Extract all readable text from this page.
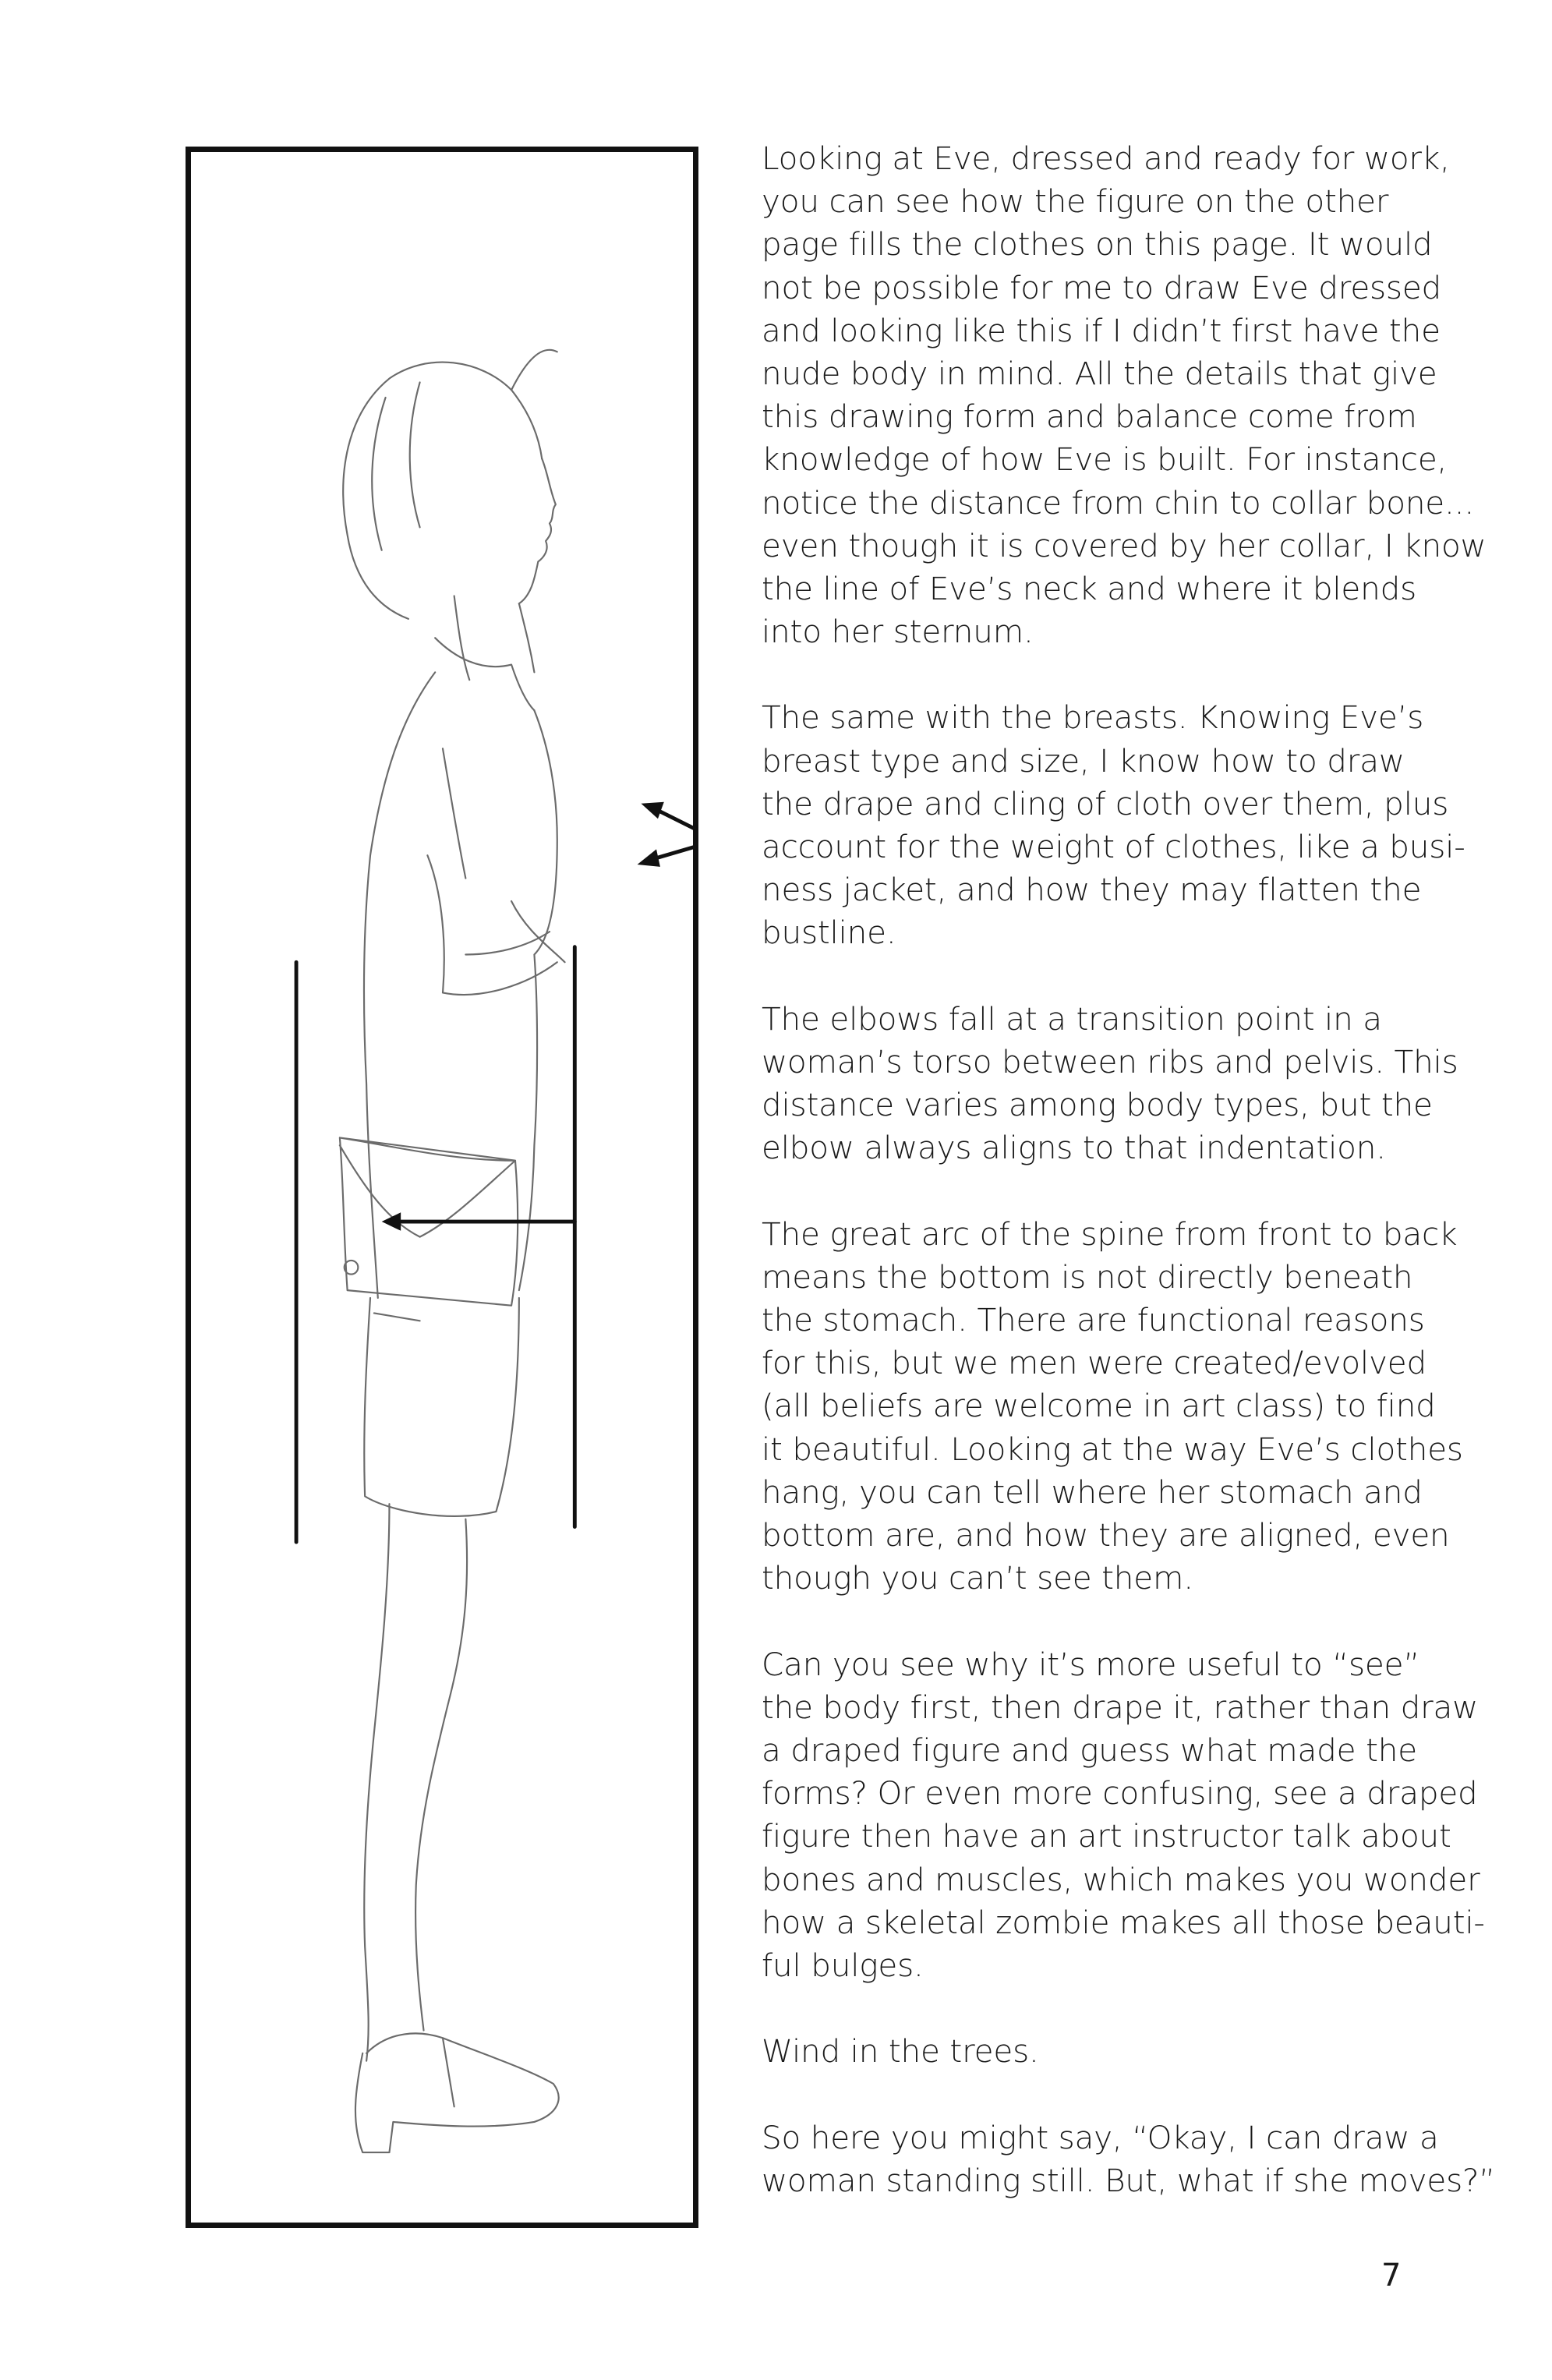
Looking at Eve, dressed and ready for work,
you can see how the figure on the other
page fills the clothes on this page. It would
not be possible for me to draw Eve dressed
and looking like this if I didn’t first have the
nude body in mind. All the details that give
this drawing form and balance come from
knowledge of how Eve is built. For instance,
notice the distance from chin to collar bone...
even though it is covered by her collar, I know
the line of Eve’s neck and where it blends
into her sternum.
The same with the breasts. Knowing Eve’s
breast type and size, I know how to draw
the drape and cling of cloth over them, plus
account for the weight of clothes, like a busi-
ness jacket, and how they may flatten the
bustline.
The elbows fall at a transition point in a
woman’s torso between ribs and pelvis. This
distance varies among body types, but the
elbow always aligns to that indentation.
The great arc of the spine from front to back
means the bottom is not directly beneath
the stomach. There are functional reasons
for this, but we men were created/evolved
(all beliefs are welcome in art class) to find
it beautiful. Looking at the way Eve’s clothes
hang, you can tell where her stomach and
bottom are, and how they are aligned, even
though you can’t see them.
Can you see why it’s more useful to “see”
the body first, then drape it, rather than draw
a draped figure and guess what made the
forms? Or even more confusing, see a draped
figure then have an art instructor talk about
bones and muscles, which makes you wonder
how a skeletal zombie makes all those beauti-
ful bulges.
Wind in the trees.
So here you might say, “Okay, I can draw a
woman standing still. But, what if she moves?”
7
